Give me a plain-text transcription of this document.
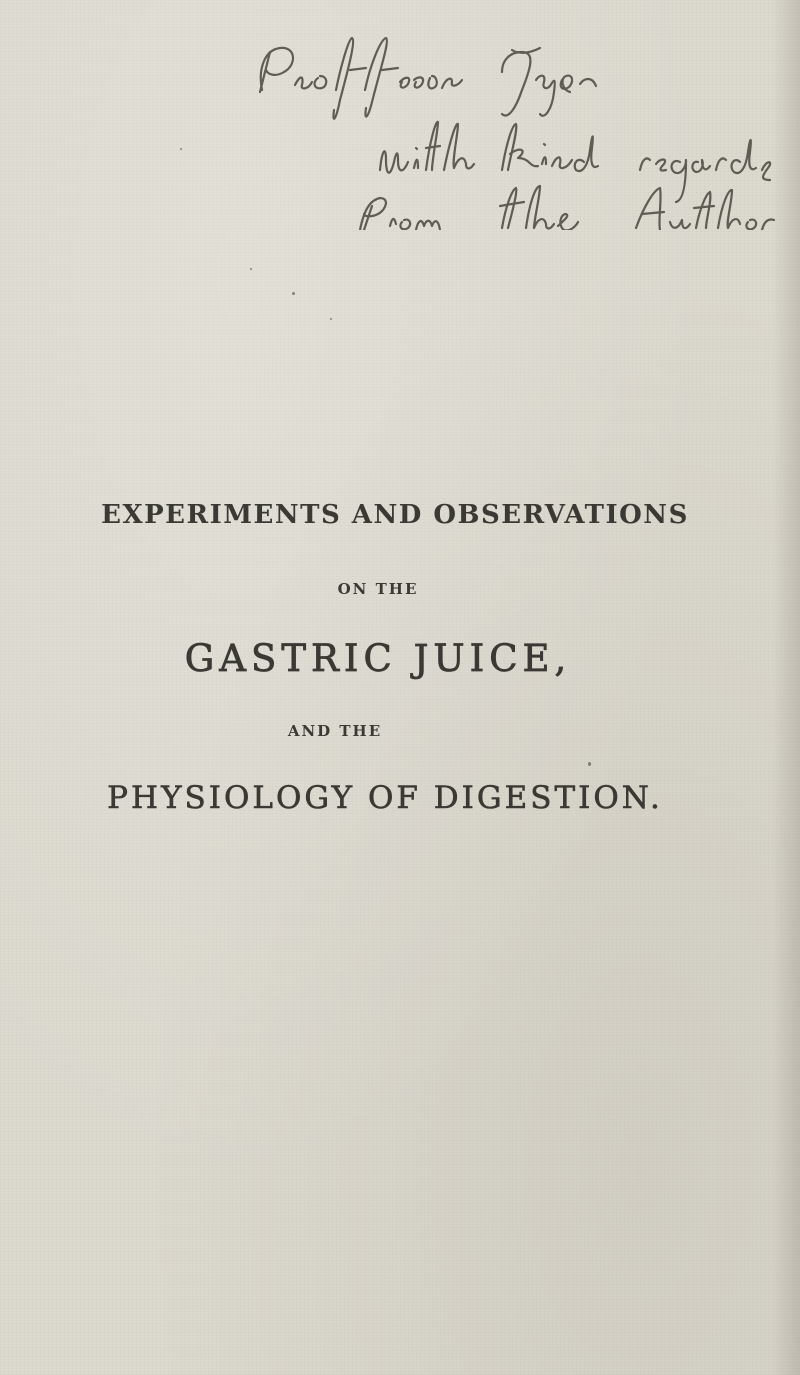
EXPERIMENTS AND OBSERVATIONS
ON THE
GASTRIC JUICE,
AND THE
PHYSIOLOGY OF DIGESTION.
